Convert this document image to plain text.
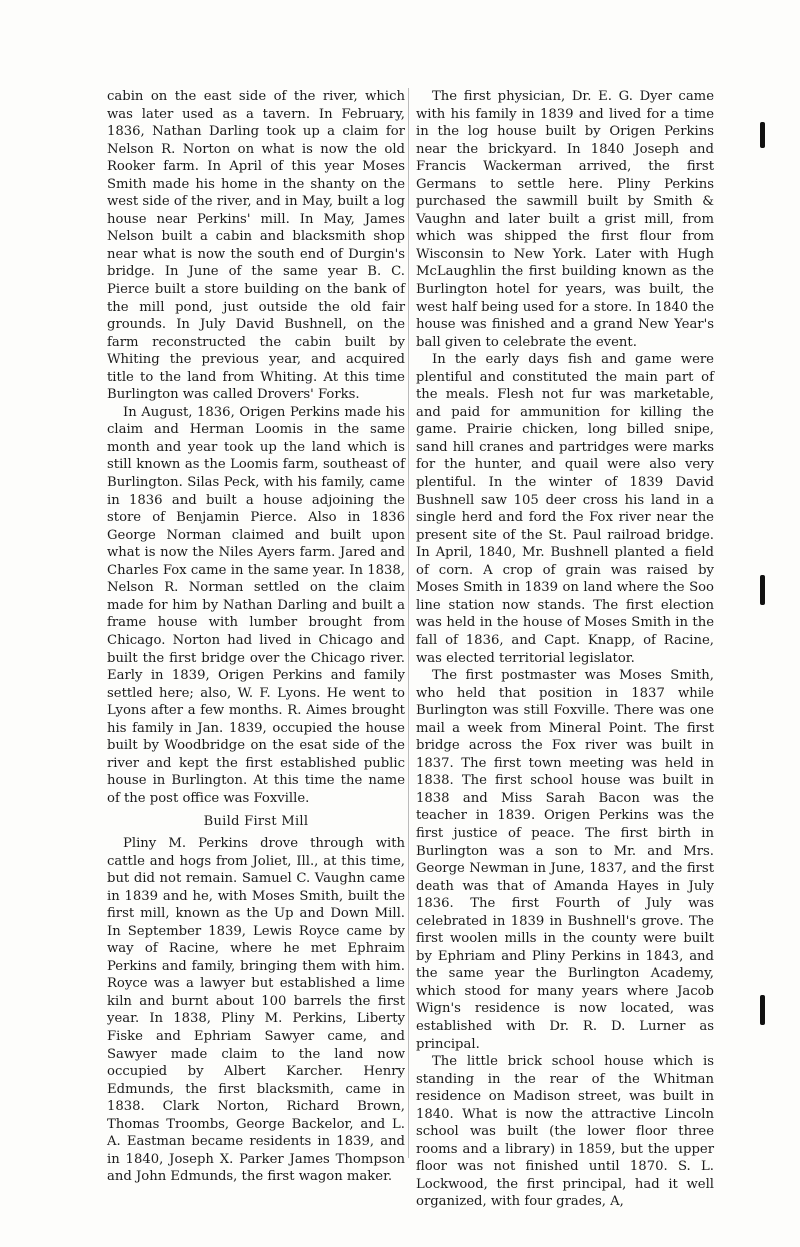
cabin on the east side of the river, which was later used as a tavern. In February, 1836, Nathan Darling took up a claim for Nelson R. Norton on what is now the old Rooker farm. In April of this year Moses Smith made his home in the shanty on the west side of the river, and in May, built a log house near Perkins' mill. In May, James Nelson built a cabin and blacksmith shop near what is now the south end of Durgin's bridge. In June of the same year B. C. Pierce built a store building on the bank of the mill pond, just outside the old fair grounds. In July David Bushnell, on the farm reconstructed the cabin built by Whiting the previous year, and acquired title to the land from Whiting. At this time Burlington was called Drovers' Forks.

In August, 1836, Origen Perkins made his claim and Herman Loomis in the same month and year took up the land which is still known as the Loomis farm, southeast of Burlington. Silas Peck, with his family, came in 1836 and built a house adjoining the store of Benjamin Pierce. Also in 1836 George Norman claimed and built upon what is now the Niles Ayers farm. Jared and Charles Fox came in the same year. In 1838, Nelson R. Norman settled on the claim made for him by Nathan Darling and built a frame house with lumber brought from Chicago. Norton had lived in Chicago and built the first bridge over the Chicago river. Early in 1839, Origen Perkins and family settled here; also, W. F. Lyons. He went to Lyons after a few months. R. Aimes brought his family in Jan. 1839, occupied the house built by Woodbridge on the esat side of the river and kept the first established public house in Burlington. At this time the name of the post office was Foxville.

Build First Mill

Pliny M. Perkins drove through with cattle and hogs from Joliet, Ill., at this time, but did not remain. Samuel C. Vaughn came in 1839 and he, with Moses Smith, built the first mill, known as the Up and Down Mill. In September 1839, Lewis Royce came by way of Racine, where he met Ephraim Perkins and family, bringing them with him. Royce was a lawyer but established a lime kiln and burnt about 100 barrels the first year. In 1838, Pliny M. Perkins, Liberty Fiske and Ephriam Sawyer came, and Sawyer made claim to the land now occupied by Albert Karcher. Henry Edmunds, the first blacksmith, came in 1838. Clark Norton, Richard Brown, Thomas Troombs, George Backelor, and L. A. Eastman became residents in 1839, and in 1840, Joseph X. Parker James Thompson and John Edmunds, the first wagon maker.

The first physician, Dr. E. G. Dyer came with his family in 1839 and lived for a time in the log house built by Origen Perkins near the brickyard. In 1840 Joseph and Francis Wackerman arrived, the first Germans to settle here. Pliny Perkins purchased the sawmill built by Smith & Vaughn and later built a grist mill, from which was shipped the first flour from Wisconsin to New York. Later with Hugh McLaughlin the first building known as the Burlington hotel for years, was built, the west half being used for a store. In 1840 the house was finished and a grand New Year's ball given to celebrate the event.

In the early days fish and game were plentiful and constituted the main part of the meals. Flesh not fur was marketable, and paid for ammunition for killing the game. Prairie chicken, long billed snipe, sand hill cranes and partridges were marks for the hunter, and quail were also very plentiful. In the winter of 1839 David Bushnell saw 105 deer cross his land in a single herd and ford the Fox river near the present site of the St. Paul railroad bridge. In April, 1840, Mr. Bushnell planted a field of corn. A crop of grain was raised by Moses Smith in 1839 on land where the Soo line station now stands. The first election was held in the house of Moses Smith in the fall of 1836, and Capt. Knapp, of Racine, was elected territorial legislator.

The first postmaster was Moses Smith, who held that position in 1837 while Burlington was still Foxville. There was one mail a week from Mineral Point. The first bridge across the Fox river was built in 1837. The first town meeting was held in 1838. The first school house was built in 1838 and Miss Sarah Bacon was the teacher in 1839. Origen Perkins was the first justice of peace. The first birth in Burlington was a son to Mr. and Mrs. George Newman in June, 1837, and the first death was that of Amanda Hayes in July 1836. The first Fourth of July was celebrated in 1839 in Bushnell's grove. The first woolen mills in the county were built by Ephriam and Pliny Perkins in 1843, and the same year the Burlington Academy, which stood for many years where Jacob Wign's residence is now located, was established with Dr. R. D. Lurner as principal.

The little brick school house which is standing in the rear of the Whitman residence on Madison street, was built in 1840. What is now the attractive Lincoln school was built (the lower floor three rooms and a library) in 1859, but the upper floor was not finished until 1870. S. L. Lockwood, the first principal, had it well organized, with four grades, A,
